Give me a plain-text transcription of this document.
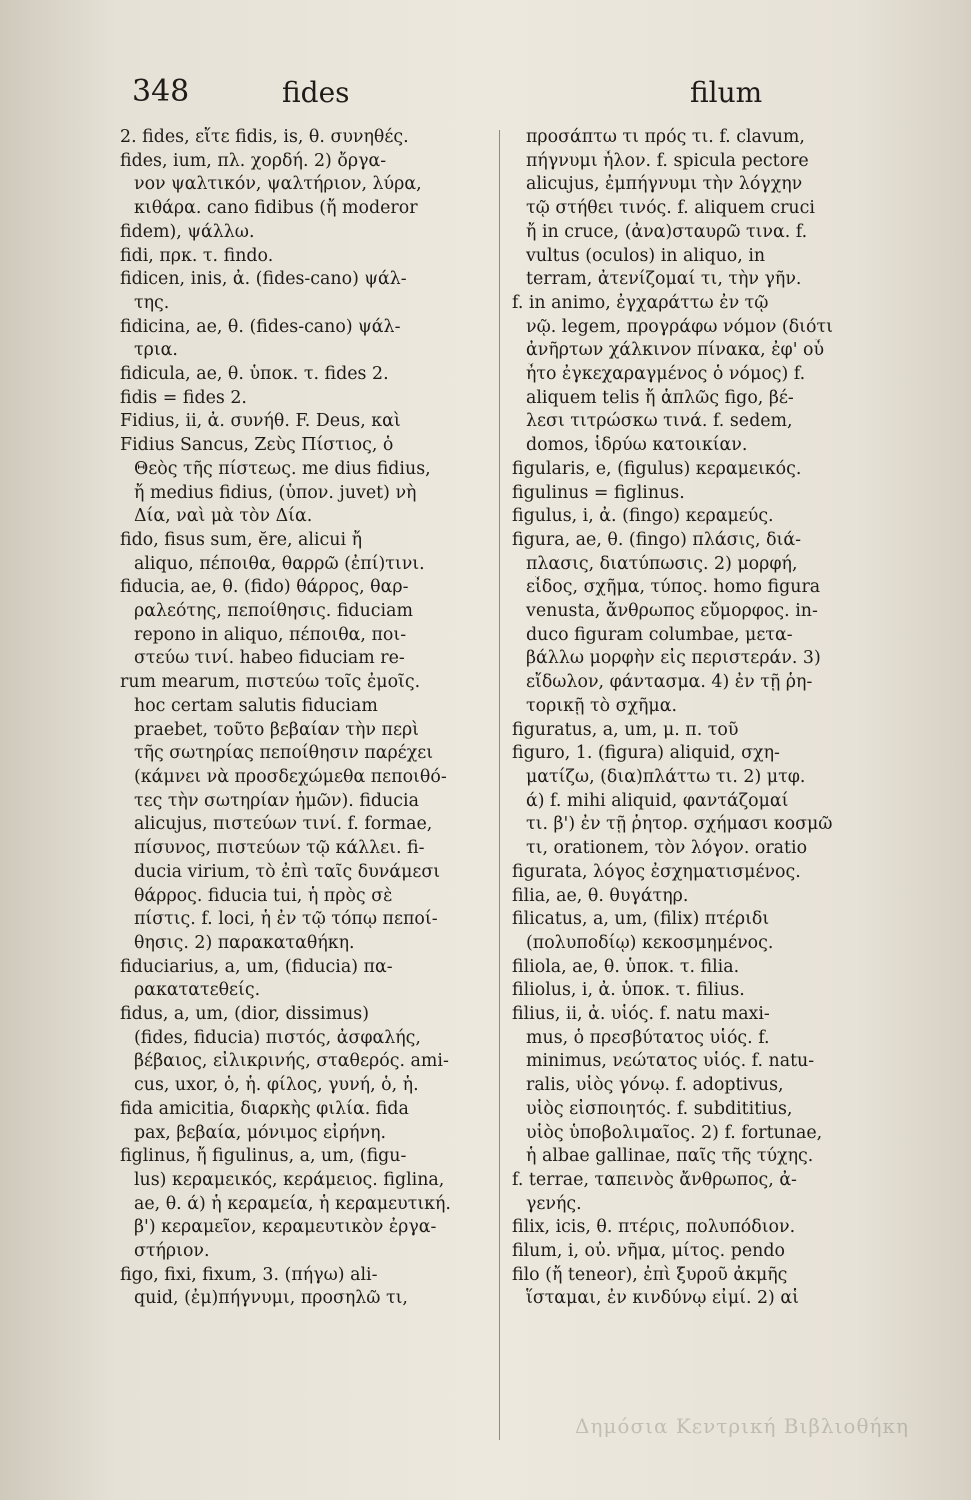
348	fides	filum
2. fides, εἴτε fidis, is, θ. συνηθές.
fides, ium, πλ. χορδή. 2) ὄργα-
νον ψαλτικόν, ψαλτήριον, λύρα,
κιθάρα. cano fidibus (ἤ moderor
fidem), ψάλλω.
fidi, πρκ. τ. findo.
fidicen, inis, ἀ. (fides-cano) ψάλ-
της.
fidicina, ae, θ. (fides-cano) ψάλ-
τρια.
fidicula, ae, θ. ὑποκ. τ. fides 2.
fidis = fides 2.
Fidius, ii, ἀ. συνήθ. F. Deus, καὶ
Fidius Sancus, Ζεὺς Πίστιος, ὁ
Θεὸς τῆς πίστεως. me dius fidius,
ἤ medius fidius, (ὑπον. juvet) νὴ
Δία, ναὶ μὰ τὸν Δία.
fido, fisus sum, ĕre, alicui ἤ
aliquo, πέποιθα, θαρρῶ (ἐπί)τινι.
fiducia, ae, θ. (fido) θάρρος, θαρ-
ραλεότης, πεποίθησις. fiduciam
repono in aliquo, πέποιθα, ποι-
στεύω τινί. habeo fiduciam re-
rum mearum, πιστεύω τοῖς ἐμοῖς.
hoc certam salutis fiduciam
praebet, τοῦτο βεβαίαν τὴν περὶ
τῆς σωτηρίας πεποίθησιν παρέχει
(κάμνει νὰ προσδεχώμεθα πεποιθό-
τες τὴν σωτηρίαν ἡμῶν). fiducia
alicujus, πιστεύων τινί. f. formae,
πίσυνος, πιστεύων τῷ κάλλει. fi-
ducia virium, τὸ ἐπὶ ταῖς δυνάμεσι
θάρρος. fiducia tui, ἡ πρὸς σὲ
πίστις. f. loci, ἡ ἐν τῷ τόπῳ πεποί-
θησις. 2) παρακαταθήκη.
fiduciarius, a, um, (fiducia) πα-
ρακατατεθείς.
fidus, a, um, (dior, dissimus)
(fides, fiducia) πιστός, ἀσφαλής,
βέβαιος, εἰλικρινής, σταθερός. ami-
cus, uxor, ὁ, ἡ. φίλος, γυνή, ὁ, ἡ.
fida amicitia, διαρκὴς φιλία. fida
pax, βεβαία, μόνιμος εἰρήνη.
figlinus, ἤ figulinus, a, um, (figu-
lus) κεραμεικός, κεράμειος. figlina,
ae, θ. ά) ἡ κεραμεία, ἡ κεραμευτική.
β') κεραμεῖον, κεραμευτικὸν ἐργα-
στήριον.
figo, fixi, fixum, 3. (πήγω) ali-
quid, (ἐμ)πήγνυμι, προσηλῶ τι,
προσάπτω τι πρός τι. f. clavum,
πήγνυμι ἧλον. f. spicula pectore
alicujus, ἐμπήγνυμι τὴν λόγχην
τῷ στήθει τινός. f. aliquem cruci
ἤ in cruce, (ἀνα)σταυρῶ τινα. f.
vultus (oculos) in aliquo, in
terram, ἀτενίζομαί τι, τὴν γῆν.
f. in animo, ἐγχαράττω ἐν τῷ
νῷ. legem, προγράφω νόμον (διότι
ἀνῆρτων χάλκινον πίνακα, ἐφ' οὗ
ἦτο ἐγκεχαραγμένος ὁ νόμος) f.
aliquem telis ἤ ἁπλῶς figo, βέ-
λεσι τιτρώσκω τινά. f. sedem,
domos, ἱδρύω κατοικίαν.
figularis, e, (figulus) κεραμεικός.
figulinus = figlinus.
figulus, i, ἀ. (fingo) κεραμεύς.
figura, ae, θ. (fingo) πλάσις, διά-
πλασις, διατύπωσις. 2) μορφή,
εἶδος, σχῆμα, τύπος. homo figura
venusta, ἄνθρωπος εὔμορφος. in-
duco figuram columbae, μετα-
βάλλω μορφὴν εἰς περιστεράν. 3)
εἴδωλον, φάντασμα. 4) ἐν τῇ ῥη-
τορικῇ τὸ σχῆμα.
figuratus, a, um, μ. π. τοῦ
figuro, 1. (figura) aliquid, σχη-
ματίζω, (δια)πλάττω τι. 2) μτφ.
ά) f. mihi aliquid, φαντάζομαί
τι. β') ἐν τῇ ῥητορ. σχήμασι κοσμῶ
τι, orationem, τὸν λόγον. oratio
figurata, λόγος ἐσχηματισμένος.
filia, ae, θ. θυγάτηρ.
filicatus, a, um, (filix) πτέριδι
(πολυποδίῳ) κεκοσμημένος.
filiola, ae, θ. ὑποκ. τ. filia.
filiolus, i, ἀ. ὑποκ. τ. filius.
filius, ii, ἀ. υἱός. f. natu maxi-
mus, ὁ πρεσβύτατος υἱός. f.
minimus, νεώτατος υἱός. f. natu-
ralis, υἱὸς γόνῳ. f. adoptivus,
υἱὸς εἰσποιητός. f. subdititius,
υἱὸς ὑποβολιμαῖος. 2) f. fortunae,
ἡ albae gallinae, παῖς τῆς τύχης.
f. terrae, ταπεινὸς ἄνθρωπος, ἀ-
γενής.
filix, icis, θ. πτέρις, πολυπόδιον.
filum, i, οὐ. νῆμα, μίτος. pendo
filo (ἤ teneor), ἐπὶ ξυροῦ ἀκμῆς
ἵσταμαι, ἐν κινδύνῳ εἰμί. 2) αἱ
Δημόσια Κεντρική Βιβλιοθήκη
